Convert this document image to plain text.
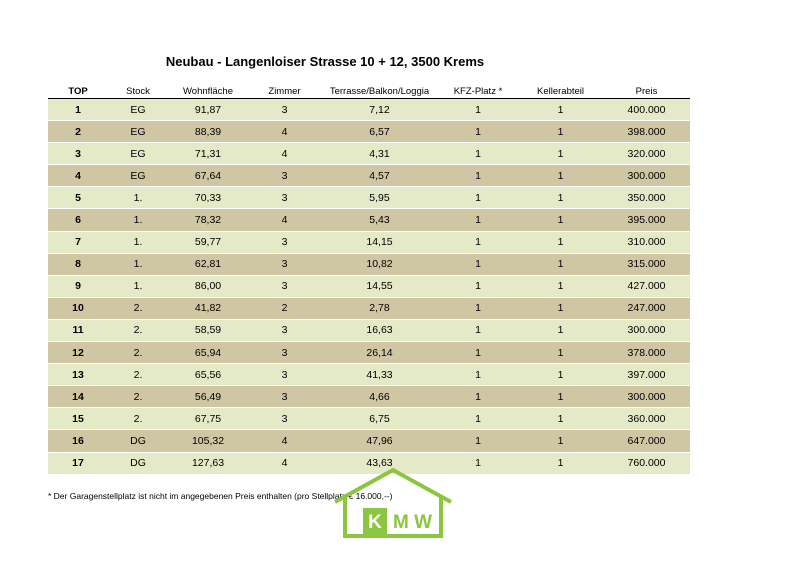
Neubau - Langenloiser Strasse 10 + 12, 3500 Krems
TOP	Stock	Wohnfläche	Zimmer	Terrasse/Balkon/Loggia	KFZ-Platz *	Kellerabteil	Preis
1	EG	91,87	3	7,12	1	1	400.000
2	EG	88,39	4	6,57	1	1	398.000
3	EG	71,31	4	4,31	1	1	320.000
4	EG	67,64	3	4,57	1	1	300.000
5	1.	70,33	3	5,95	1	1	350.000
6	1.	78,32	4	5,43	1	1	395.000
7	1.	59,77	3	14,15	1	1	310.000
8	1.	62,81	3	10,82	1	1	315.000
9	1.	86,00	3	14,55	1	1	427.000
10	2.	41,82	2	2,78	1	1	247.000
11	2.	58,59	3	16,63	1	1	300.000
12	2.	65,94	3	26,14	1	1	378.000
13	2.	65,56	3	41,33	1	1	397.000
14	2.	56,49	3	4,66	1	1	300.000
15	2.	67,75	3	6,75	1	1	360.000
16	DG	105,32	4	47,96	1	1	647.000
17	DG	127,63	4	43,63	1	1	760.000
* Der Garagenstellplatz ist nicht im angegebenen Preis enthalten (pro Stellplatz € 16.000,--)
K M W
